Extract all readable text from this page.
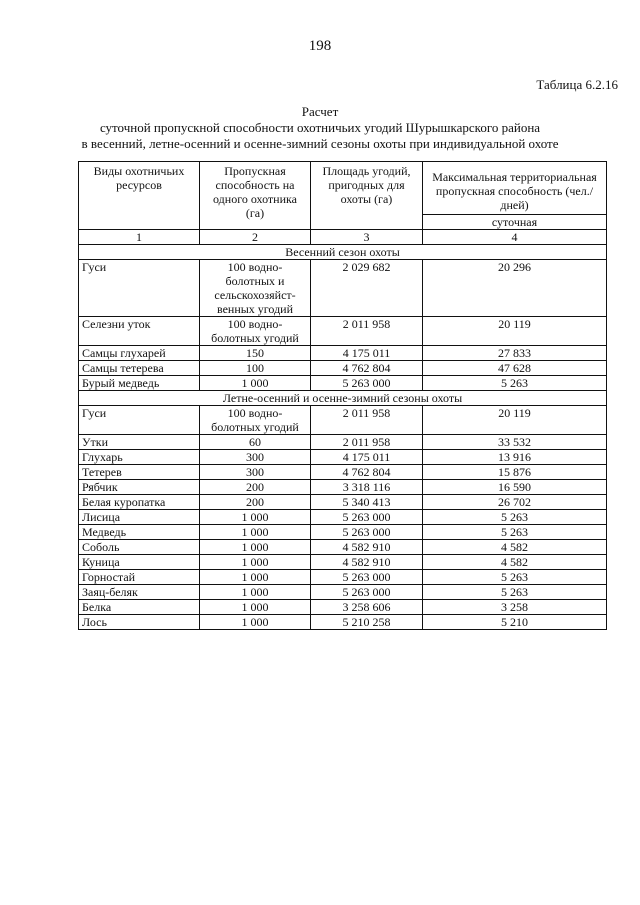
198
Таблица 6.2.16
Расчет
суточной пропускной способности охотничьих угодий Шурышкарского района
в весенний, летне-осенний и осенне-зимний сезоны охоты при индивидуальной охоте
Виды охотничьих ресурсов	Пропускная способность на одного охотника (га)	Площадь угодий, пригодных для охоты (га)	Максимальная территориальная пропускная способность (чел./дней)
			суточная
1	2	3	4
Весенний сезон охоты			
Гуси	100 водно-болотных и сельскохозяйст-венных угодий	2 029 682	20 296
Селезни уток	100 водно-болотных угодий	2 011 958	20 119
Самцы глухарей	150	4 175 011	27 833
Самцы тетерева	100	4 762 804	47 628
Бурый медведь	1 000	5 263 000	5 263
Летне-осенний и осенне-зимний сезоны охоты			
Гуси	100 водно-болотных угодий	2 011 958	20 119
Утки	60	2 011 958	33 532
Глухарь	300	4 175 011	13 916
Тетерев	300	4 762 804	15 876
Рябчик	200	3 318 116	16 590
Белая куропатка	200	5 340 413	26 702
Лисица	1 000	5 263 000	5 263
Медведь	1 000	5 263 000	5 263
Соболь	1 000	4 582 910	4 582
Куница	1 000	4 582 910	4 582
Горностай	1 000	5 263 000	5 263
Заяц-беляк	1 000	5 263 000	5 263
Белка	1 000	3 258 606	3 258
Лось	1 000	5 210 258	5 210
